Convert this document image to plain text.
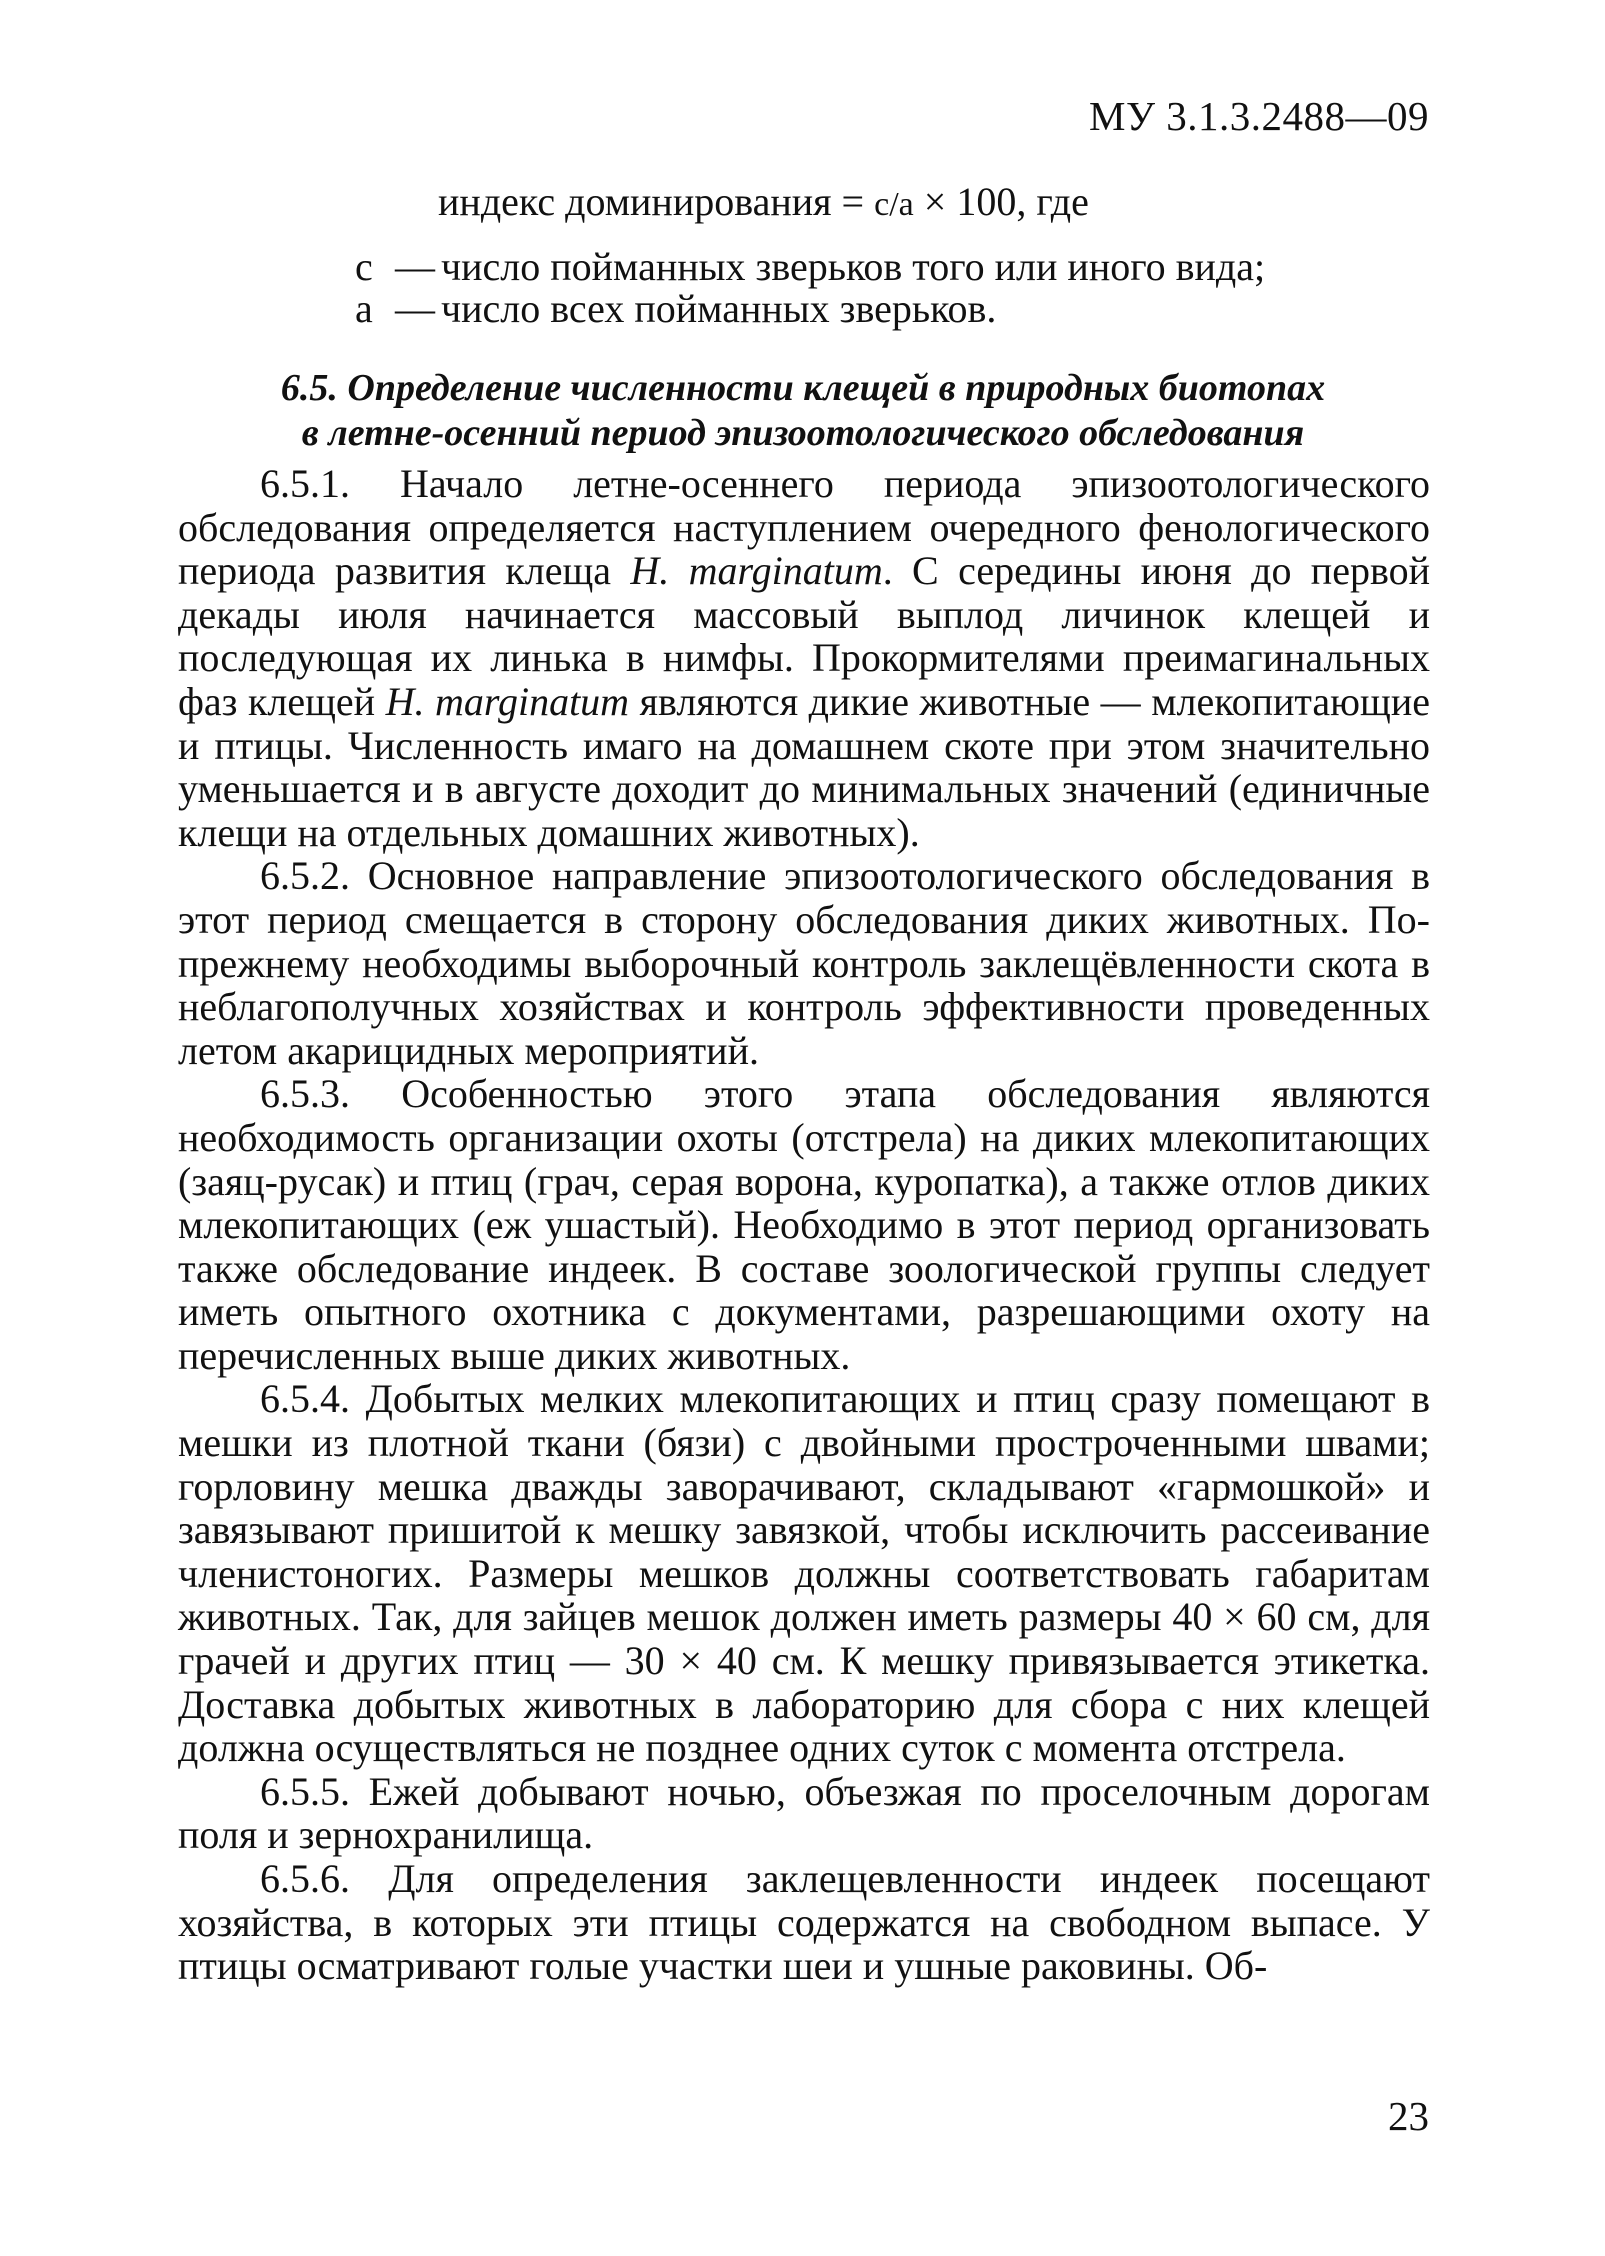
МУ 3.1.3.2488—09
индекс доминирования = c/a × 100, где
c — число пойманных зверьков того или иного вида;
a — число всех пойманных зверьков.
6.5. Определение численности клещей в природных биотопах
в летне-осенний период эпизоотологического обследования

6.5.1. Начало летне-осеннего периода эпизоотологического обследования определяется наступлением очередного фенологического периода развития клеща H. marginatum. С середины июня до первой декады июля начинается массовый выплод личинок клещей и последующая их линька в нимфы. Прокормителями преимагинальных фаз клещей H. marginatum являются дикие животные — млекопитающие и птицы. Численность имаго на домашнем скоте при этом значительно уменьшается и в августе доходит до минимальных значений (единичные клещи на отдельных домашних животных).

6.5.2. Основное направление эпизоотологического обследования в этот период смещается в сторону обследования диких животных. По-прежнему необходимы выборочный контроль заклещёвленности скота в неблагополучных хозяйствах и контроль эффективности проведенных летом акарицидных мероприятий.

6.5.3. Особенностью этого этапа обследования являются необходимость организации охоты (отстрела) на диких млекопитающих (заяц-русак) и птиц (грач, серая ворона, куропатка), а также отлов диких млекопитающих (еж ушастый). Необходимо в этот период организовать также обследование индеек. В составе зоологической группы следует иметь опытного охотника с документами, разрешающими охоту на перечисленных выше диких животных.

6.5.4. Добытых мелких млекопитающих и птиц сразу помещают в мешки из плотной ткани (бязи) с двойными простроченными швами; горловину мешка дважды заворачивают, складывают «гармошкой» и завязывают пришитой к мешку завязкой, чтобы исключить рассеивание членистоногих. Размеры мешков должны соответствовать габаритам животных. Так, для зайцев мешок должен иметь размеры 40 × 60 см, для грачей и других птиц — 30 × 40 см. К мешку привязывается этикетка. Доставка добытых животных в лабораторию для сбора с них клещей должна осуществляться не позднее одних суток с момента отстрела.

6.5.5. Ежей добывают ночью, объезжая по проселочным дорогам поля и зернохранилища.

6.5.6. Для определения заклещевленности индеек посещают хозяйства, в которых эти птицы содержатся на свободном выпасе. У птицы осматривают голые участки шеи и ушные раковины. Об-

23
